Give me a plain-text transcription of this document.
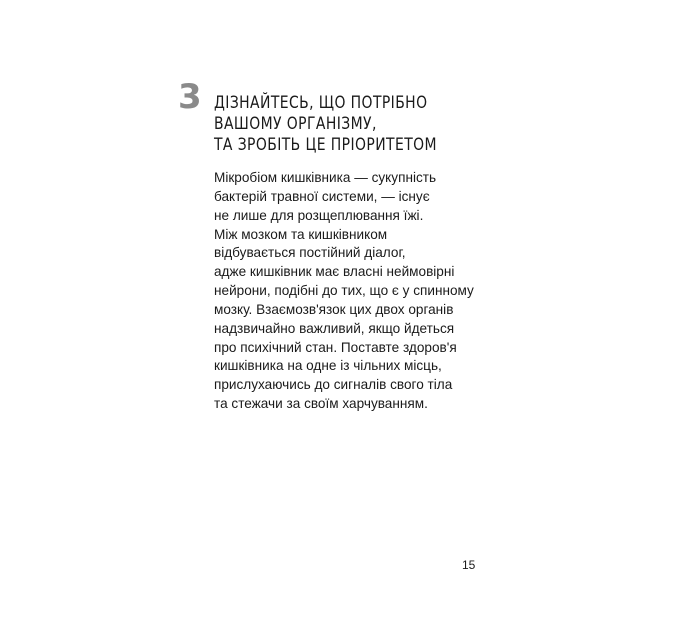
3 ДІЗНАЙТЕСЬ, ЩО ПОТРІБНО
ВАШОМУ ОРГАНІЗМУ,
ТА ЗРОБІТЬ ЦЕ ПРІОРИТЕТОМ
Мікробіом кишківника — сукупність
бактерій травної системи, — існує
не лише для розщеплювання їжі.
Між мозком та кишківником
відбувається постійний діалог,
адже кишківник має власні неймовірні
нейрони, подібні до тих, що є у спинному
мозку. Взаємозв'язок цих двох органів
надзвичайно важливий, якщо йдеться
про психічний стан. Поставте здоров'я
кишківника на одне із чільних місць,
прислухаючись до сигналів свого тіла
та стежачи за своїм харчуванням.
15
